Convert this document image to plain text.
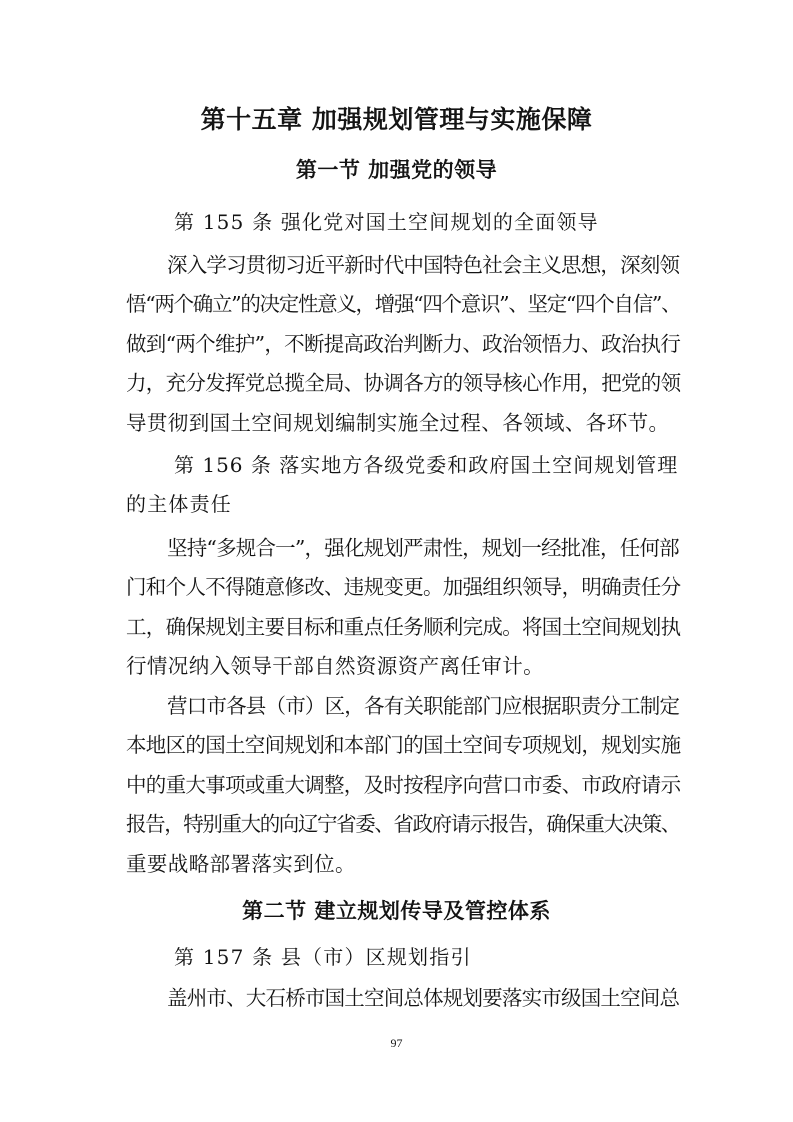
第十五章 加强规划管理与实施保障
第一节 加强党的领导
第 155 条 强化党对国土空间规划的全面领导
深入学习贯彻习近平新时代中国特色社会主义思想，深刻领
悟“两个确立”的决定性意义，增强“四个意识”、坚定“四个自信”、
做到“两个维护”，不断提高政治判断力、政治领悟力、政治执行
力，充分发挥党总揽全局、协调各方的领导核心作用，把党的领
导贯彻到国土空间规划编制实施全过程、各领域、各环节。
第 156 条 落实地方各级党委和政府国土空间规划管理
的主体责任
坚持“多规合一”，强化规划严肃性，规划一经批准，任何部
门和个人不得随意修改、违规变更。加强组织领导，明确责任分
工，确保规划主要目标和重点任务顺利完成。将国土空间规划执
行情况纳入领导干部自然资源资产离任审计。
营口市各县（市）区，各有关职能部门应根据职责分工制定
本地区的国土空间规划和本部门的国土空间专项规划，规划实施
中的重大事项或重大调整，及时按程序向营口市委、市政府请示
报告，特别重大的向辽宁省委、省政府请示报告，确保重大决策、
重要战略部署落实到位。
第二节 建立规划传导及管控体系
第 157 条 县（市）区规划指引
盖州市、大石桥市国土空间总体规划要落实市级国土空间总
97
